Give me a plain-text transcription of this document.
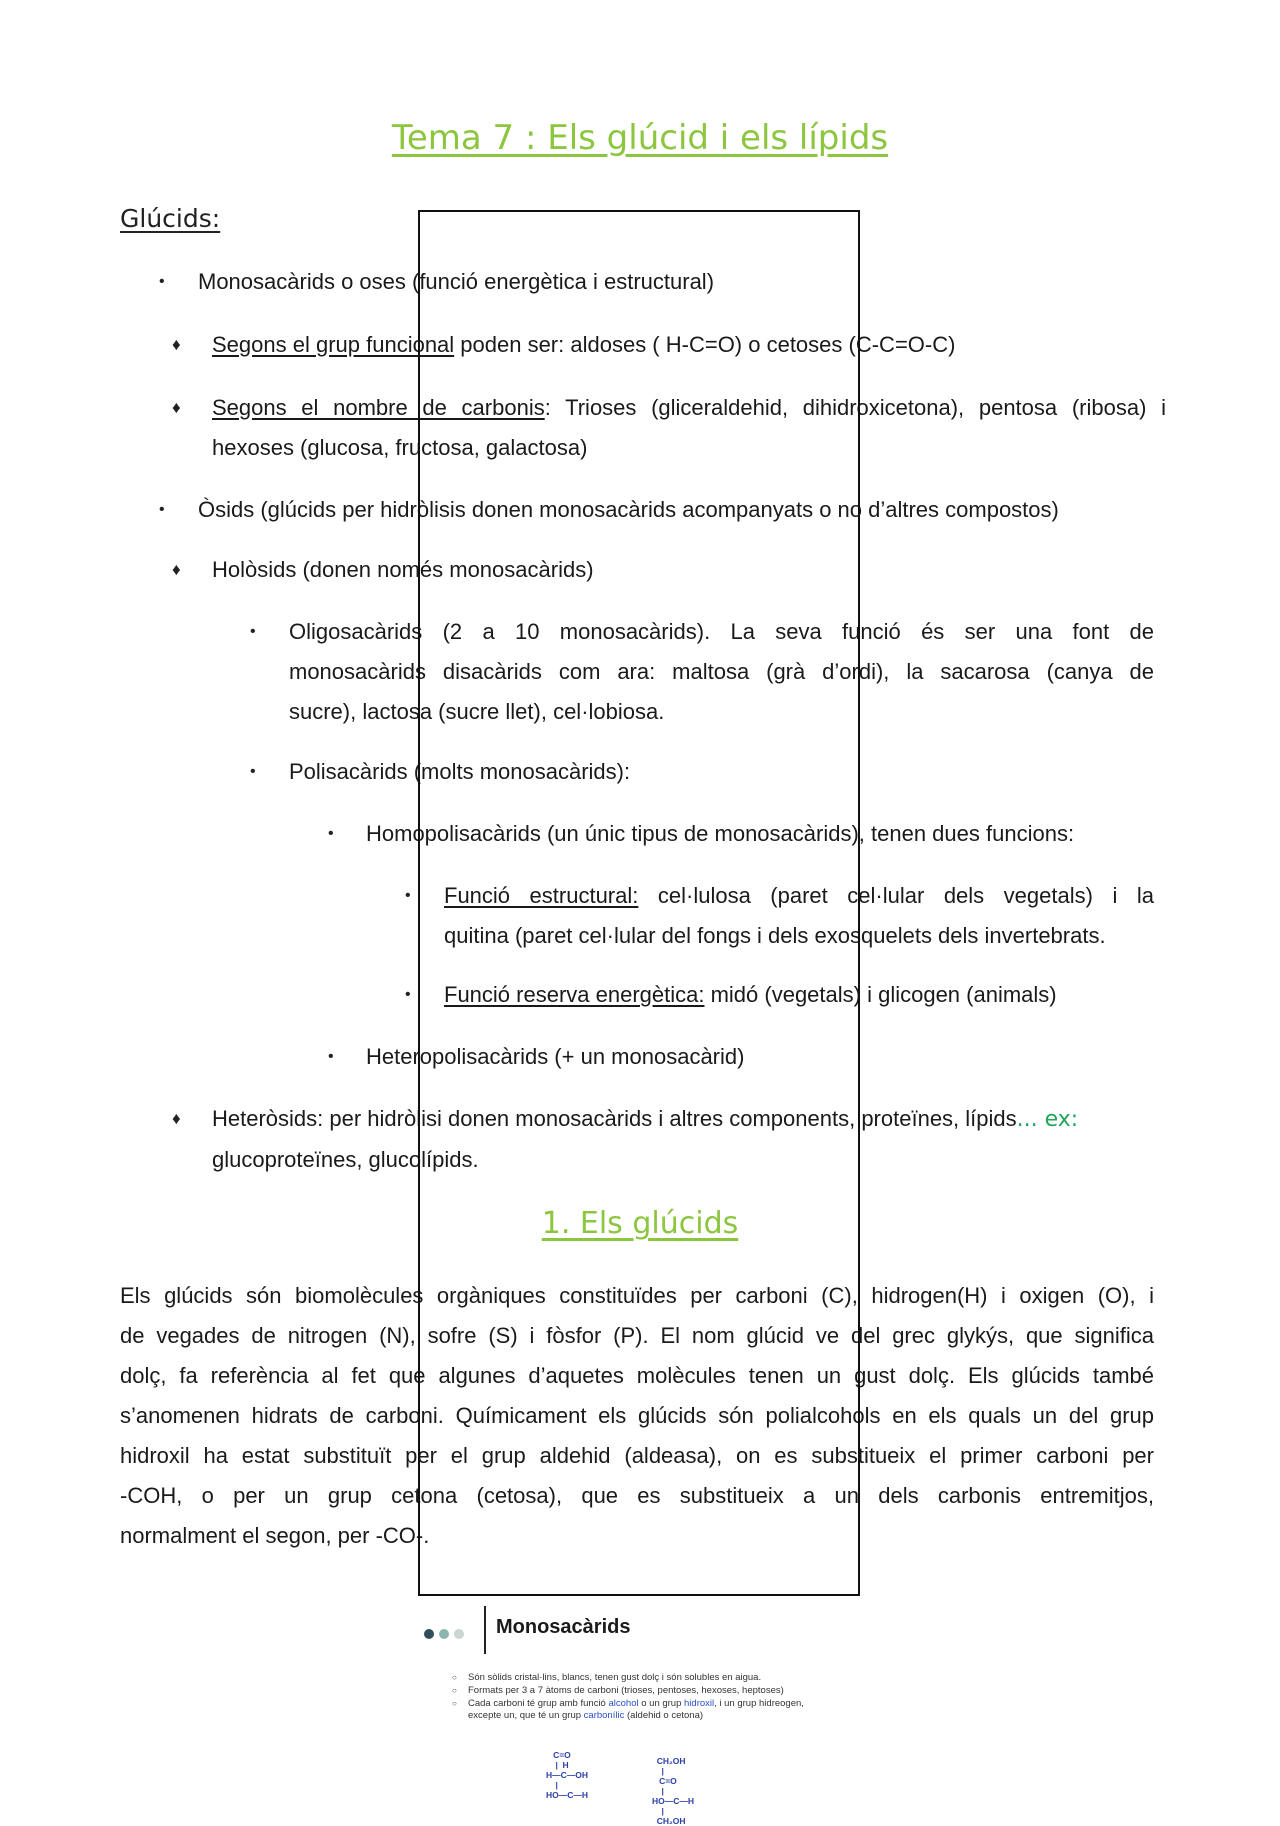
Tema 7 : Els glúcid i els lípids
Glúcids:
• Monosacàrids o oses (funció energètica i estructural)
♦ Segons el grup funcional poden ser: aldoses ( H-C=O) o cetoses (C-C=O-C)
♦ Segons el nombre de carbonis: Trioses (gliceraldehid, dihidroxicetona), pentosa (ribosa) i
hexoses (glucosa, fructosa, galactosa)
• Òsids (glúcids per hidròlisis donen monosacàrids acompanyats o no d’altres compostos)
♦ Holòsids (donen només monosacàrids)
• Oligosacàrids (2 a 10 monosacàrids). La seva funció és ser una font de
monosacàrids disacàrids com ara: maltosa (grà d’ordi), la sacarosa (canya de
sucre), lactosa (sucre llet), cel·lobiosa.
• Polisacàrids (molts monosacàrids):
• Homopolisacàrids (un únic tipus de monosacàrids), tenen dues funcions:
• Funció estructural: cel·lulosa (paret cel·lular dels vegetals) i la
quitina (paret cel·lular del fongs i dels exosquelets dels invertebrats.
• Funció reserva energètica: midó (vegetals) i glicogen (animals)
• Heteropolisacàrids (+ un monosacàrid)
♦ Heteròsids: per hidròlisi donen monosacàrids i altres components, proteïnes, lípids... ex:
glucoproteïnes, glucolípids.
1. Els glúcids
Els glúcids són biomolècules orgàniques constituïdes per carboni (C), hidrogen(H) i oxigen (O), i
de vegades de nitrogen (N), sofre (S) i fòsfor (P). El nom glúcid ve del grec glykýs, que significa
dolç, fa referència al fet que algunes d’aquetes molècules tenen un gust dolç. Els glúcids també
s’anomenen hidrats de carboni. Químicament els glúcids són polialcohols en els quals un del grup
hidroxil ha estat substituït per el grup aldehid (aldeasa), on es substitueix el primer carboni per
-COH, o per un grup cetona (cetosa), que es substitueix a un dels carbonis entremitjos,
normalment el segon, per -CO-.
Monosacàrids
○ Són sòlids cristal·lins, blancs, tenen gust dolç i són solubles en aigua.
○ Formats per 3 a 7 àtoms de carboni (trioses, pentoses, hexoses, heptoses)
○ Cada carboni té grup amb funció alcohol o un grup hidroxil, i un grup hidreogen, excepte un, que té un grup carbonílic (aldehid o cetona)
C=O
|  H
H—C—OH
|
HO—C—H
CH₂OH
|
C=O
|
HO—C—H
|
CH₂OH
